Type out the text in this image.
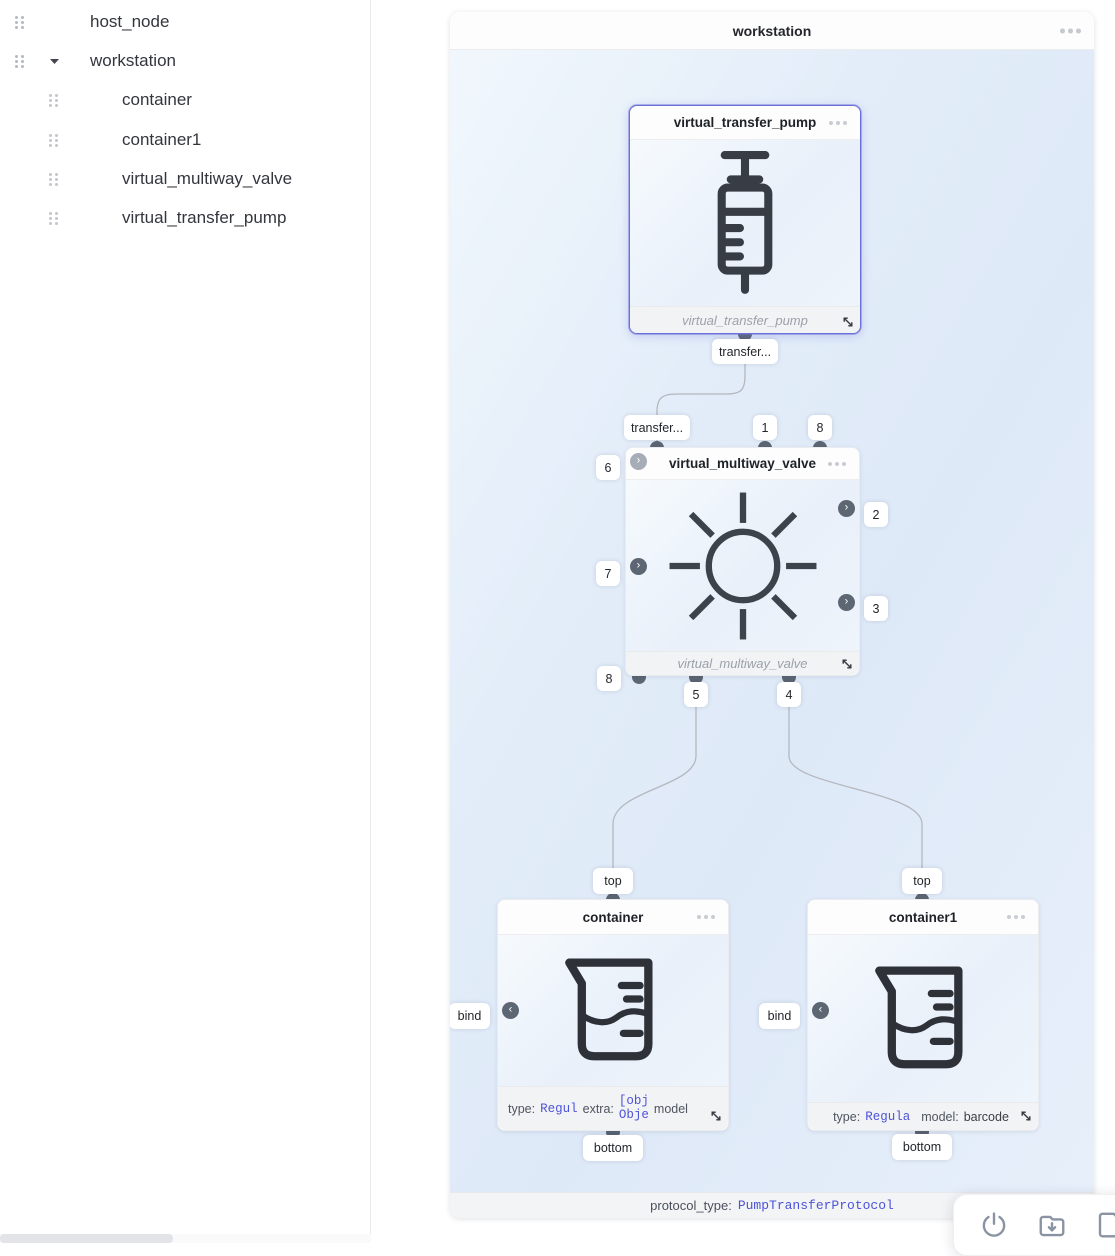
host_node
workstation
container
container1
virtual_multiway_valve
virtual_transfer_pump
workstation
virtual_transfer_pump
virtual_transfer_pump
virtual_multiway_valve
virtual_multiway_valve
container
type: Regul extra:
[obj
Obje model
container1
type: Regula model: barcode
›
›
›
›
‹	‹
transfer...
transfer...	1	8
6
7
8
2
3
5	4
top	top
bind	bind
bottom	bottom
protocol_type: PumpTransferProtocol
